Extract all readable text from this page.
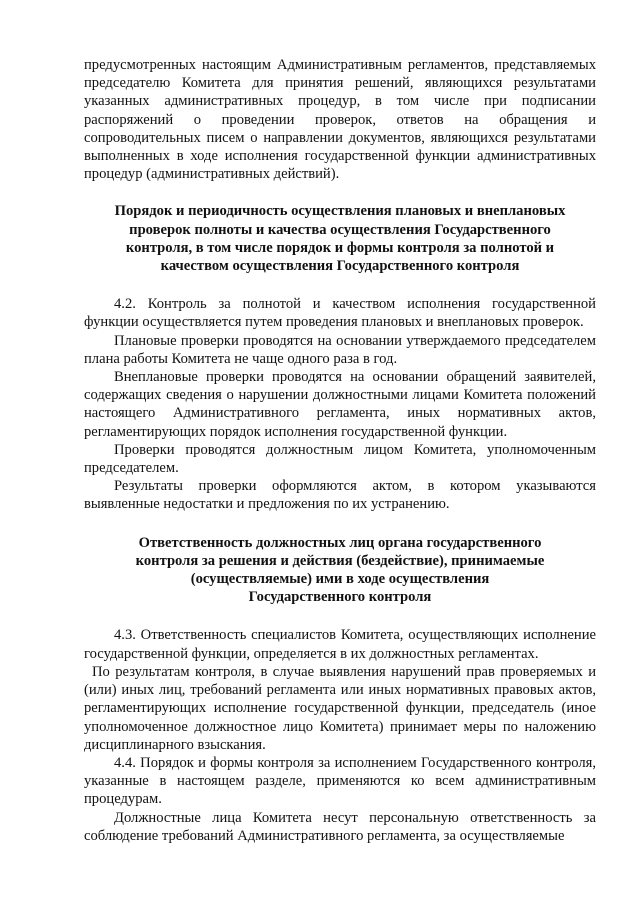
предусмотренных настоящим Административным регламентов, представляемых председателю Комитета для принятия решений, являющихся результатами указанных административных процедур, в том числе при подписании распоряжений о проведении проверок, ответов на обращения и сопроводительных писем о направлении документов, являющихся результатами выполненных в ходе исполнения государственной функции административных процедур (административных действий).

Порядок и периодичность осуществления плановых и внеплановых
проверок полноты и качества осуществления Государственного
контроля, в том числе порядок и формы контроля за полнотой и
качеством осуществления Государственного контроля

4.2. Контроль за полнотой и качеством исполнения государственной функции осуществляется путем проведения плановых и внеплановых проверок.

Плановые проверки проводятся на основании утверждаемого председателем плана работы Комитета не чаще одного раза в год.

Внеплановые проверки проводятся на основании обращений заявителей, содержащих сведения о нарушении должностными лицами Комитета положений настоящего Административного регламента, иных нормативных актов, регламентирующих порядок исполнения государственной функции.

Проверки проводятся должностным лицом Комитета, уполномоченным председателем.

Результаты проверки оформляются актом, в котором указываются выявленные недостатки и предложения по их устранению.

Ответственность должностных лиц органа государственного
контроля за решения и действия (бездействие), принимаемые
(осуществляемые) ими в ходе осуществления
Государственного контроля

4.3. Ответственность специалистов Комитета, осуществляющих исполнение государственной функции, определяется в их должностных регламентах.

По результатам контроля, в случае выявления нарушений прав проверяемых и (или) иных лиц, требований регламента или иных нормативных правовых актов, регламентирующих исполнение государственной функции, председатель (иное уполномоченное должностное лицо Комитета) принимает меры по наложению дисциплинарного взыскания.

4.4. Порядок и формы контроля за исполнением Государственного контроля, указанные в настоящем разделе, применяются ко всем административным процедурам.

Должностные лица Комитета несут персональную ответственность за соблюдение требований Административного регламента, за осуществляемые
